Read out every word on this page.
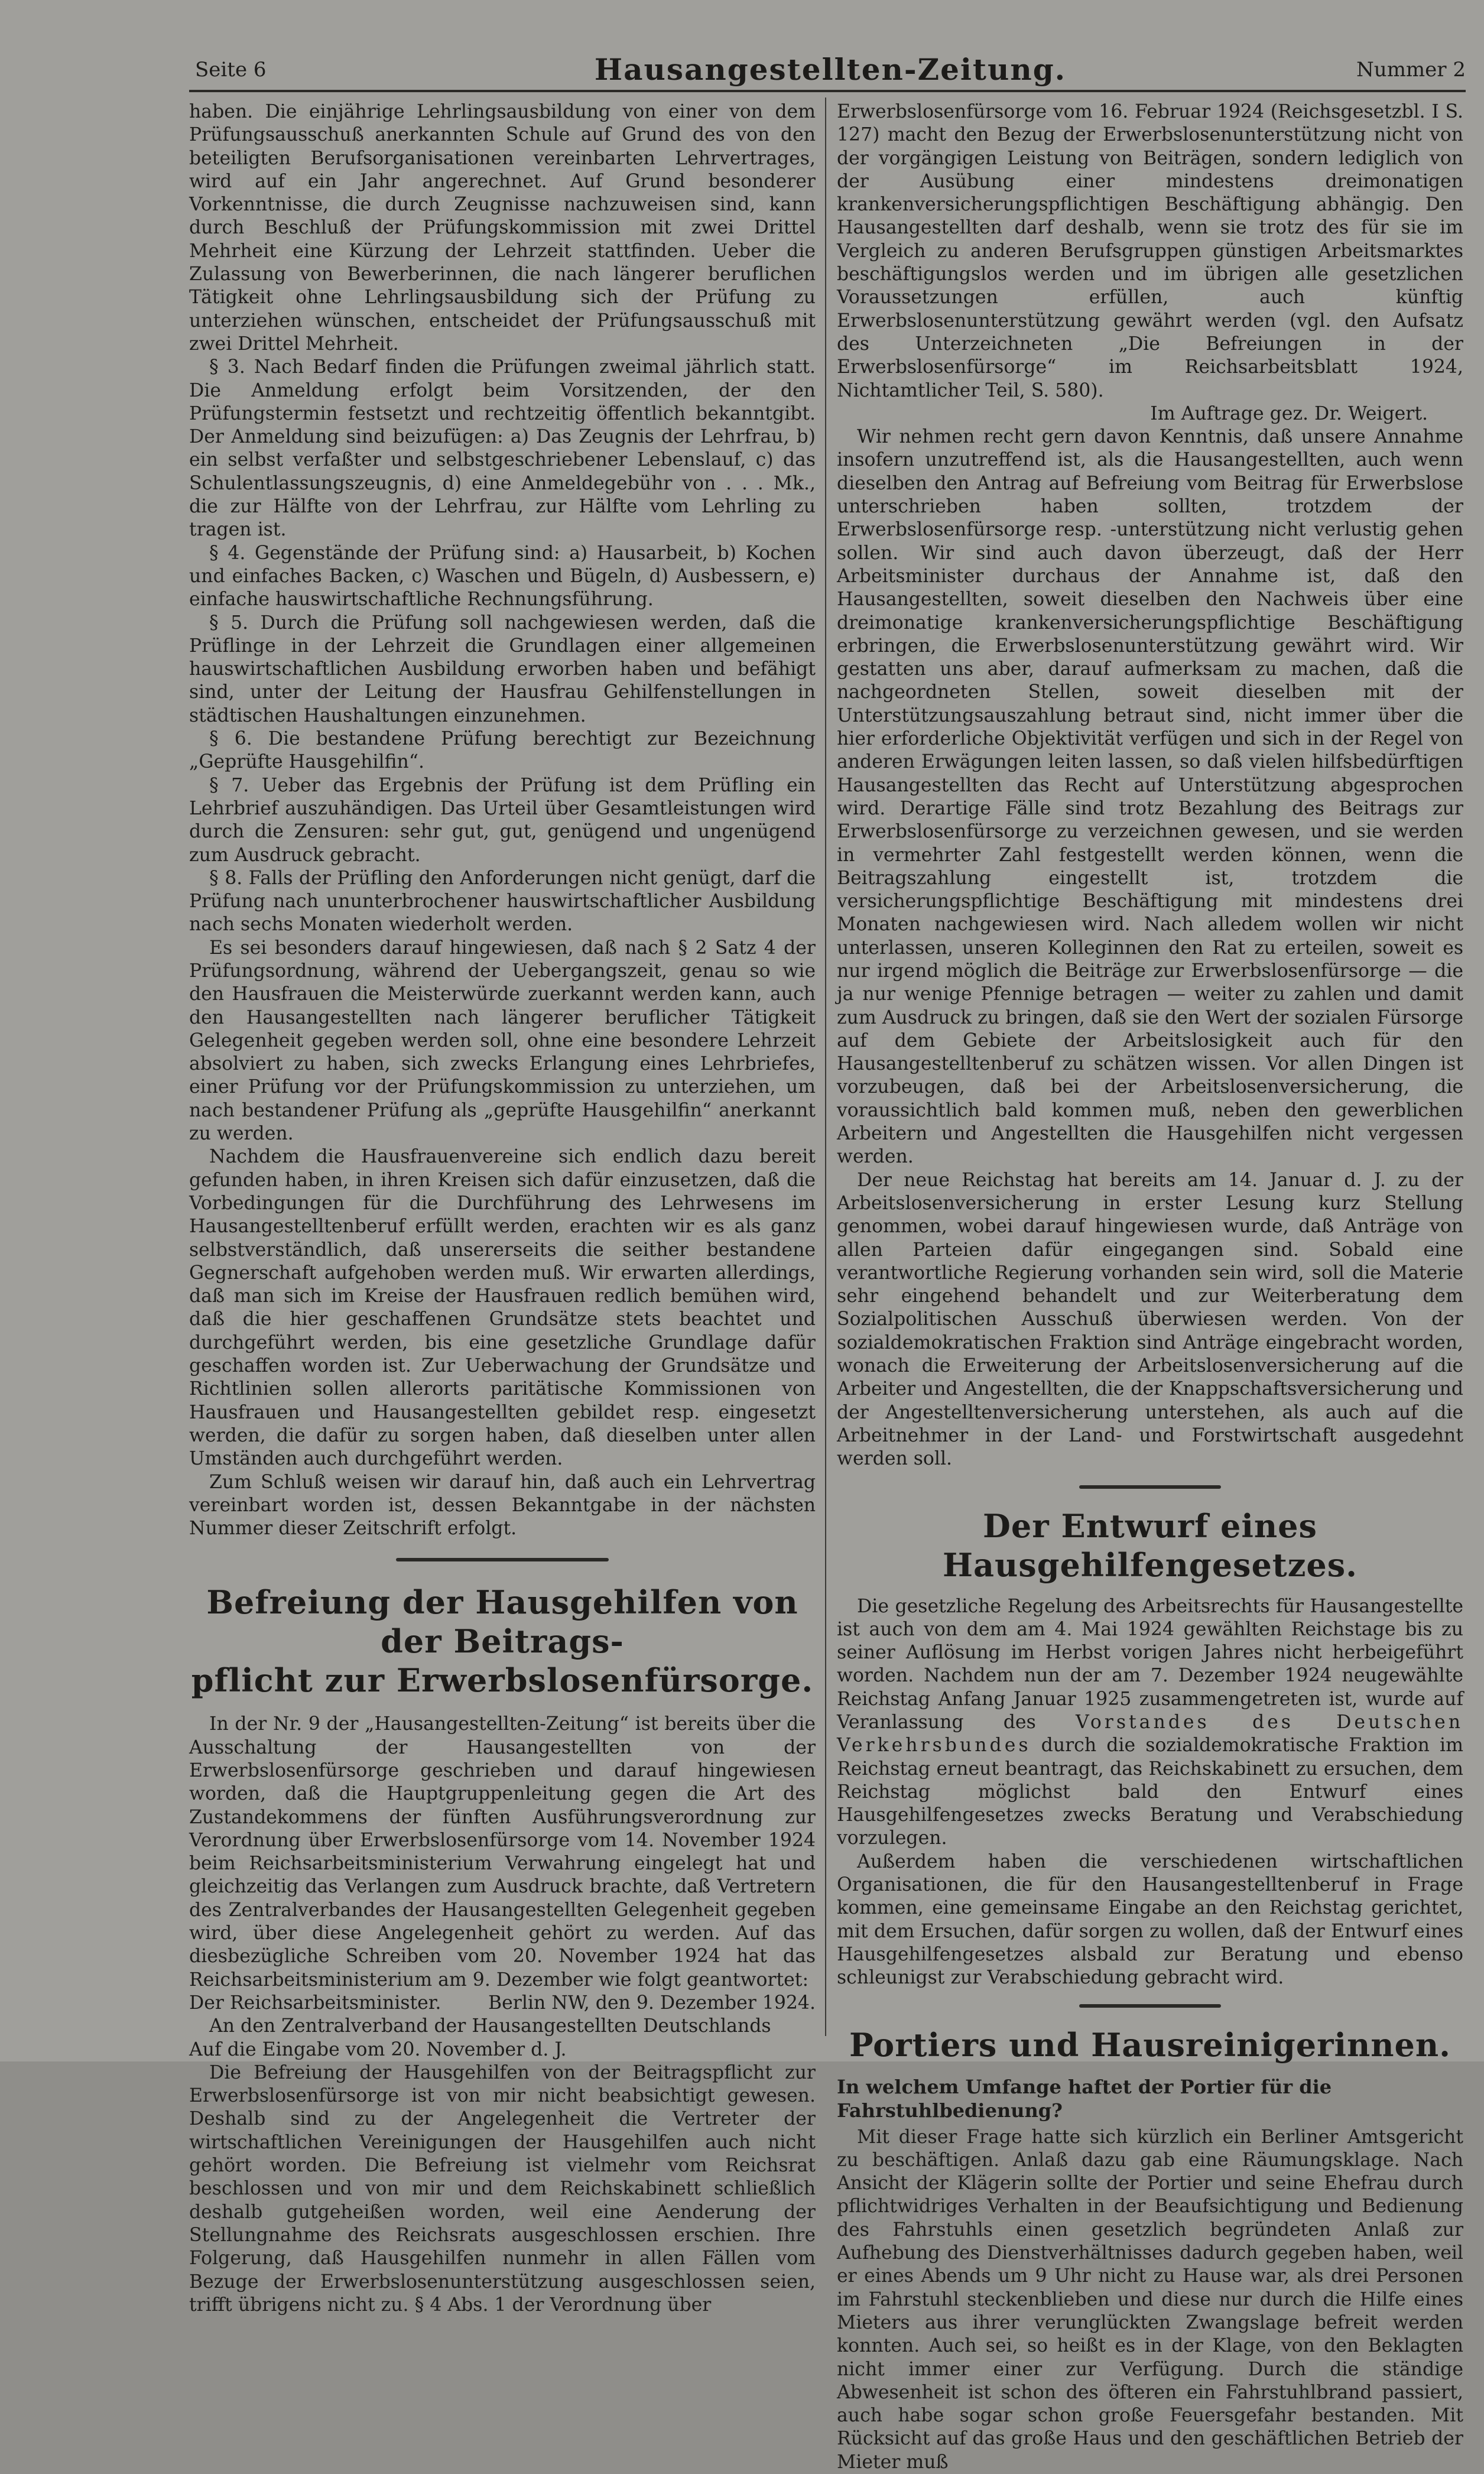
Seite 6	Hausangestellten-Zeitung.	Nummer 2

haben. Die einjährige Lehrlingsausbildung von einer von dem Prüfungsausschuß anerkannten Schule auf Grund des von den beteiligten Berufsorganisationen vereinbarten Lehrvertrages, wird auf ein Jahr angerechnet. Auf Grund besonderer Vorkenntnisse, die durch Zeugnisse nachzuweisen sind, kann durch Beschluß der Prüfungskommission mit zwei Drittel Mehrheit eine Kürzung der Lehrzeit stattfinden. Ueber die Zulassung von Bewerberinnen, die nach längerer beruflichen Tätigkeit ohne Lehrlingsausbildung sich der Prüfung zu unterziehen wünschen, entscheidet der Prüfungsausschuß mit zwei Drittel Mehrheit.

§ 3. Nach Bedarf finden die Prüfungen zweimal jährlich statt. Die Anmeldung erfolgt beim Vorsitzenden, der den Prüfungstermin festsetzt und rechtzeitig öffentlich bekanntgibt. Der Anmeldung sind beizufügen: a) Das Zeugnis der Lehrfrau, b) ein selbst verfaßter und selbstgeschriebener Lebenslauf, c) das Schulentlassungszeugnis, d) eine Anmeldegebühr von . . . Mk., die zur Hälfte von der Lehrfrau, zur Hälfte vom Lehrling zu tragen ist.

§ 4. Gegenstände der Prüfung sind: a) Hausarbeit, b) Kochen und einfaches Backen, c) Waschen und Bügeln, d) Ausbessern, e) einfache hauswirtschaftliche Rechnungsführung.

§ 5. Durch die Prüfung soll nachgewiesen werden, daß die Prüflinge in der Lehrzeit die Grundlagen einer allgemeinen hauswirtschaftlichen Ausbildung erworben haben und befähigt sind, unter der Leitung der Hausfrau Gehilfenstellungen in städtischen Haushaltungen einzunehmen.

§ 6. Die bestandene Prüfung berechtigt zur Bezeichnung „Geprüfte Hausgehilfin“.

§ 7. Ueber das Ergebnis der Prüfung ist dem Prüfling ein Lehrbrief auszuhändigen. Das Urteil über Gesamtleistungen wird durch die Zensuren: sehr gut, gut, genügend und ungenügend zum Ausdruck gebracht.

§ 8. Falls der Prüfling den Anforderungen nicht genügt, darf die Prüfung nach ununterbrochener hauswirtschaftlicher Ausbildung nach sechs Monaten wiederholt werden.

Es sei besonders darauf hingewiesen, daß nach § 2 Satz 4 der Prüfungsordnung, während der Uebergangszeit, genau so wie den Hausfrauen die Meisterwürde zuerkannt werden kann, auch den Hausangestellten nach längerer beruflicher Tätigkeit Gelegenheit gegeben werden soll, ohne eine besondere Lehrzeit absolviert zu haben, sich zwecks Erlangung eines Lehrbriefes, einer Prüfung vor der Prüfungskommission zu unterziehen, um nach bestandener Prüfung als „geprüfte Hausgehilfin“ anerkannt zu werden.

Nachdem die Hausfrauenvereine sich endlich dazu bereit gefunden haben, in ihren Kreisen sich dafür einzusetzen, daß die Vorbedingungen für die Durchführung des Lehrwesens im Hausangestelltenberuf erfüllt werden, erachten wir es als ganz selbstverständlich, daß unsererseits die seither bestandene Gegnerschaft aufgehoben werden muß. Wir erwarten allerdings, daß man sich im Kreise der Hausfrauen redlich bemühen wird, daß die hier geschaffenen Grundsätze stets beachtet und durchgeführt werden, bis eine gesetzliche Grundlage dafür geschaffen worden ist. Zur Ueberwachung der Grundsätze und Richtlinien sollen allerorts paritätische Kommissionen von Hausfrauen und Hausangestellten gebildet resp. eingesetzt werden, die dafür zu sorgen haben, daß dieselben unter allen Umständen auch durchgeführt werden.

Zum Schluß weisen wir darauf hin, daß auch ein Lehrvertrag vereinbart worden ist, dessen Bekanntgabe in der nächsten Nummer dieser Zeitschrift erfolgt.

Befreiung der Hausgehilfen von der Beitrags-
pflicht zur Erwerbslosenfürsorge.

In der Nr. 9 der „Hausangestellten-Zeitung“ ist bereits über die Ausschaltung der Hausangestellten von der Erwerbslosenfürsorge geschrieben und darauf hingewiesen worden, daß die Hauptgruppenleitung gegen die Art des Zustandekommens der fünften Ausführungsverordnung zur Verordnung über Erwerbslosenfürsorge vom 14. November 1924 beim Reichsarbeitsministerium Verwahrung eingelegt hat und gleichzeitig das Verlangen zum Ausdruck brachte, daß Vertretern des Zentralverbandes der Hausangestellten Gelegenheit gegeben wird, über diese Angelegenheit gehört zu werden. Auf das diesbezügliche Schreiben vom 20. November 1924 hat das Reichsarbeitsministerium am 9. Dezember wie folgt geantwortet:

Der Reichsarbeitsminister.	Berlin NW, den 9. Dezember 1924.

An den Zentralverband der Hausangestellten Deutschlands

Auf die Eingabe vom 20. November d. J.

Die Befreiung der Hausgehilfen von der Beitragspflicht zur Erwerbslosenfürsorge ist von mir nicht beabsichtigt gewesen. Deshalb sind zu der Angelegenheit die Vertreter der wirtschaftlichen Vereinigungen der Hausgehilfen auch nicht gehört worden. Die Befreiung ist vielmehr vom Reichsrat beschlossen und von mir und dem Reichskabinett schließlich deshalb gutgeheißen worden, weil eine Aenderung der Stellungnahme des Reichsrats ausgeschlossen erschien. Ihre Folgerung, daß Hausgehilfen nunmehr in allen Fällen vom Bezuge der Erwerbslosenunterstützung ausgeschlossen seien, trifft übrigens nicht zu. § 4 Abs. 1 der Verordnung über

Erwerbslosenfürsorge vom 16. Februar 1924 (Reichsgesetzbl. I S. 127) macht den Bezug der Erwerbslosenunterstützung nicht von der vorgängigen Leistung von Beiträgen, sondern lediglich von der Ausübung einer mindestens dreimonatigen krankenversicherungspflichtigen Beschäftigung abhängig. Den Hausangestellten darf deshalb, wenn sie trotz des für sie im Vergleich zu anderen Berufsgruppen günstigen Arbeitsmarktes beschäftigungslos werden und im übrigen alle gesetzlichen Voraussetzungen erfüllen, auch künftig Erwerbslosenunterstützung gewährt werden (vgl. den Aufsatz des Unterzeichneten „Die Befreiungen in der Erwerbslosenfürsorge“ im Reichsarbeitsblatt 1924, Nichtamtlicher Teil, S. 580).

Im Auftrage gez. Dr. Weigert.

Wir nehmen recht gern davon Kenntnis, daß unsere Annahme insofern unzutreffend ist, als die Hausangestellten, auch wenn dieselben den Antrag auf Befreiung vom Beitrag für Erwerbslose unterschrieben haben sollten, trotzdem der Erwerbslosenfürsorge resp. -unterstützung nicht verlustig gehen sollen. Wir sind auch davon überzeugt, daß der Herr Arbeitsminister durchaus der Annahme ist, daß den Hausangestellten, soweit dieselben den Nachweis über eine dreimonatige krankenversicherungspflichtige Beschäftigung erbringen, die Erwerbslosenunterstützung gewährt wird. Wir gestatten uns aber, darauf aufmerksam zu machen, daß die nachgeordneten Stellen, soweit dieselben mit der Unterstützungsauszahlung betraut sind, nicht immer über die hier erforderliche Objektivität verfügen und sich in der Regel von anderen Erwägungen leiten lassen, so daß vielen hilfsbedürftigen Hausangestellten das Recht auf Unterstützung abgesprochen wird. Derartige Fälle sind trotz Bezahlung des Beitrags zur Erwerbslosenfürsorge zu verzeichnen gewesen, und sie werden in vermehrter Zahl festgestellt werden können, wenn die Beitragszahlung eingestellt ist, trotzdem die versicherungspflichtige Beschäftigung mit mindestens drei Monaten nachgewiesen wird. Nach alledem wollen wir nicht unterlassen, unseren Kolleginnen den Rat zu erteilen, soweit es nur irgend möglich die Beiträge zur Erwerbslosenfürsorge — die ja nur wenige Pfennige betragen — weiter zu zahlen und damit zum Ausdruck zu bringen, daß sie den Wert der sozialen Fürsorge auf dem Gebiete der Arbeitslosigkeit auch für den Hausangestelltenberuf zu schätzen wissen. Vor allen Dingen ist vorzubeugen, daß bei der Arbeitslosenversicherung, die voraussichtlich bald kommen muß, neben den gewerblichen Arbeitern und Angestellten die Hausgehilfen nicht vergessen werden.

Der neue Reichstag hat bereits am 14. Januar d. J. zu der Arbeitslosenversicherung in erster Lesung kurz Stellung genommen, wobei darauf hingewiesen wurde, daß Anträge von allen Parteien dafür eingegangen sind. Sobald eine verantwortliche Regierung vorhanden sein wird, soll die Materie sehr eingehend behandelt und zur Weiterberatung dem Sozialpolitischen Ausschuß überwiesen werden. Von der sozialdemokratischen Fraktion sind Anträge eingebracht worden, wonach die Erweiterung der Arbeitslosenversicherung auf die Arbeiter und Angestellten, die der Knappschaftsversicherung und der Angestelltenversicherung unterstehen, als auch auf die Arbeitnehmer in der Land- und Forstwirtschaft ausgedehnt werden soll.

Der Entwurf eines Hausgehilfengesetzes.

Die gesetzliche Regelung des Arbeitsrechts für Hausangestellte ist auch von dem am 4. Mai 1924 gewählten Reichstage bis zu seiner Auflösung im Herbst vorigen Jahres nicht herbeigeführt worden. Nachdem nun der am 7. Dezember 1924 neugewählte Reichstag Anfang Januar 1925 zusammengetreten ist, wurde auf Veranlassung des Vorstandes des Deutschen Verkehrsbundes durch die sozialdemokratische Fraktion im Reichstag erneut beantragt, das Reichskabinett zu ersuchen, dem Reichstag möglichst bald den Entwurf eines Hausgehilfengesetzes zwecks Beratung und Verabschiedung vorzulegen.

Außerdem haben die verschiedenen wirtschaftlichen Organisationen, die für den Hausangestelltenberuf in Frage kommen, eine gemeinsame Eingabe an den Reichstag gerichtet, mit dem Ersuchen, dafür sorgen zu wollen, daß der Entwurf eines Hausgehilfengesetzes alsbald zur Beratung und ebenso schleunigst zur Verabschiedung gebracht wird.

Portiers und Hausreinigerinnen.
In welchem Umfange haftet der Portier für die Fahrstuhlbedienung?

Mit dieser Frage hatte sich kürzlich ein Berliner Amtsgericht zu beschäftigen. Anlaß dazu gab eine Räumungsklage. Nach Ansicht der Klägerin sollte der Portier und seine Ehefrau durch pflichtwidriges Verhalten in der Beaufsichtigung und Bedienung des Fahrstuhls einen gesetzlich begründeten Anlaß zur Aufhebung des Dienstverhältnisses dadurch gegeben haben, weil er eines Abends um 9 Uhr nicht zu Hause war, als drei Personen im Fahrstuhl steckenblieben und diese nur durch die Hilfe eines Mieters aus ihrer verunglückten Zwangslage befreit werden konnten. Auch sei, so heißt es in der Klage, von den Beklagten nicht immer einer zur Verfügung. Durch die ständige Abwesenheit ist schon des öfteren ein Fahrstuhlbrand passiert, auch habe sogar schon große Feuersgefahr bestanden. Mit Rücksicht auf das große Haus und den geschäftlichen Betrieb der Mieter muß
